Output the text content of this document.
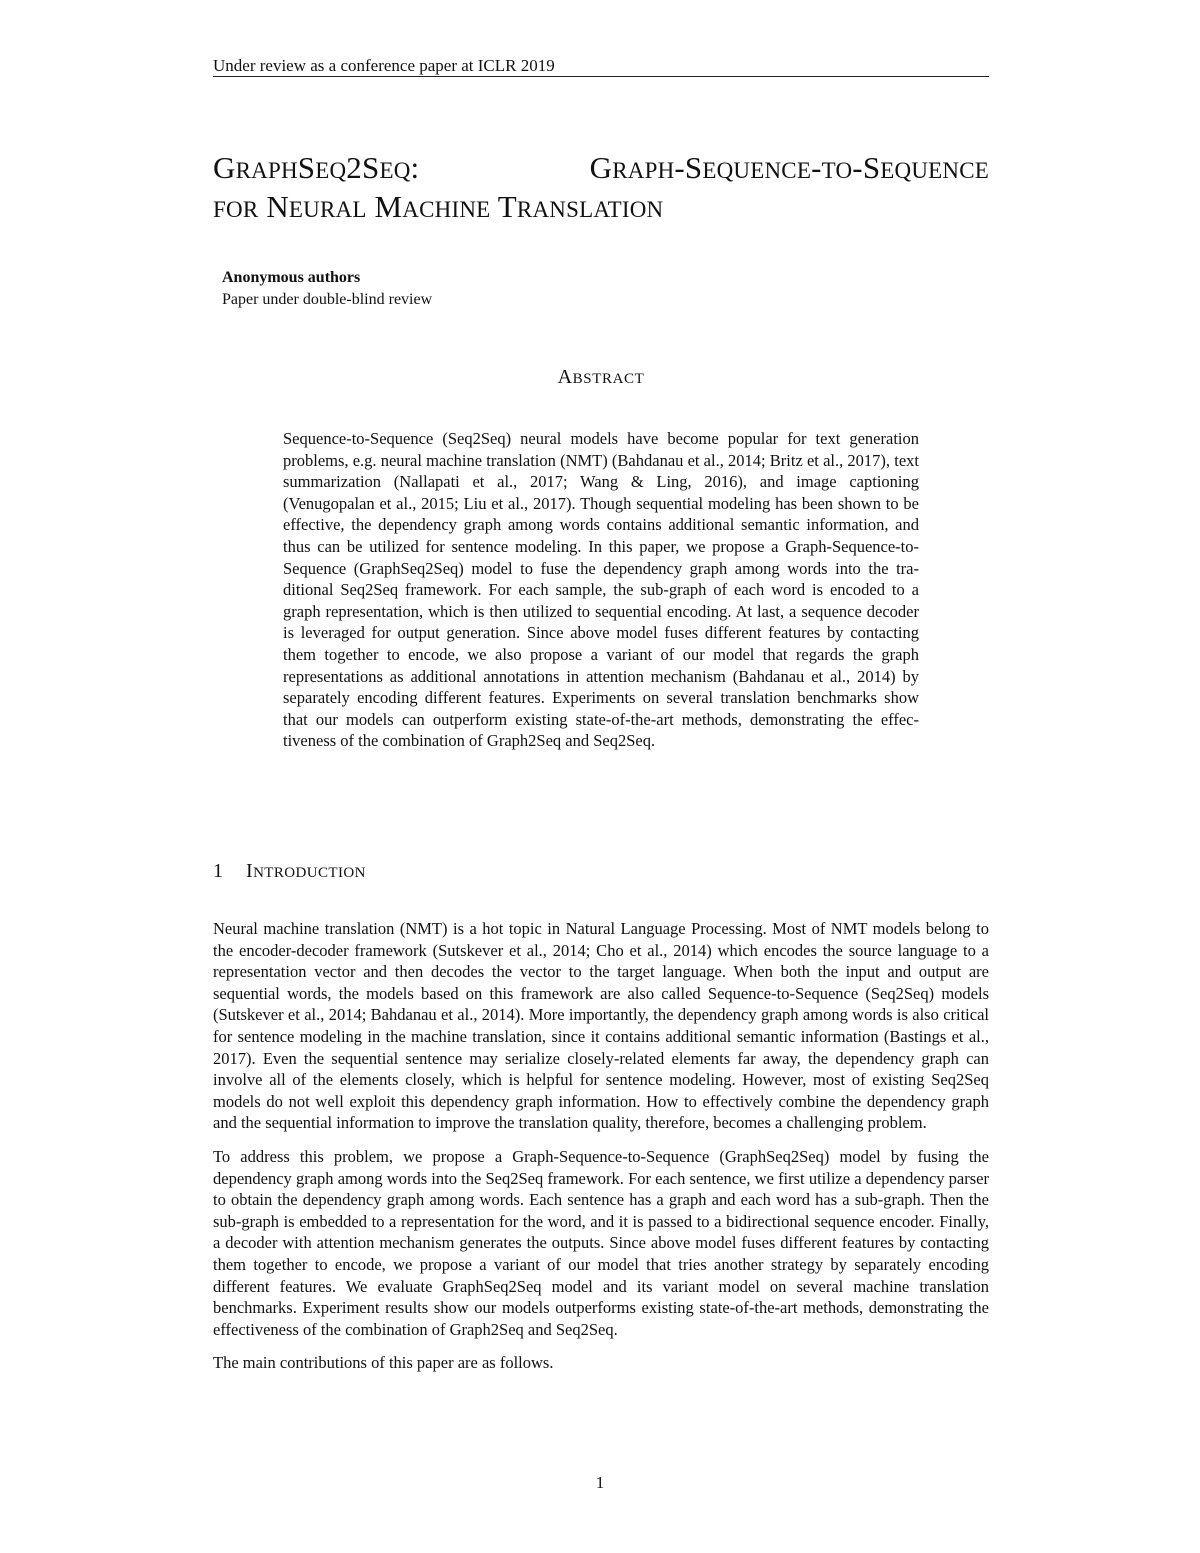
Under review as a conference paper at ICLR 2019
GRAPHSEQ2SEQ:	GRAPH-SEQUENCE-TO-SEQUENCE
FOR NEURAL MACHINE TRANSLATION
Anonymous authors
Paper under double-blind review
ABSTRACT

Sequence-to-Sequence (Seq2Seq) neural models have become popular for text generation problems, e.g. neural machine translation (NMT) (Bahdanau et al., 2014; Britz et al., 2017), text summarization (Nallapati et al., 2017; Wang & Ling, 2016), and image captioning (Venugopalan et al., 2015; Liu et al., 2017). Though sequential modeling has been shown to be effective, the dependency graph among words contains additional semantic information, and thus can be utilized for sentence modeling. In this paper, we propose a Graph-Sequence-to-Sequence (GraphSeq2Seq) model to fuse the dependency graph among words into the traditional Seq2Seq framework. For each sample, the sub-graph of each word is encoded to a graph representation, which is then utilized to sequential encoding. At last, a sequence decoder is leveraged for output generation. Since above model fuses different features by contacting them together to encode, we also propose a variant of our model that regards the graph representations as additional annotations in attention mechanism (Bahdanau et al., 2014) by separately encoding different features. Experiments on several translation benchmarks show that our models can outperform existing state-of-the-art methods, demonstrating the effectiveness of the combination of Graph2Seq and Seq2Seq.

1 INTRODUCTION

Neural machine translation (NMT) is a hot topic in Natural Language Processing. Most of NMT models belong to the encoder-decoder framework (Sutskever et al., 2014; Cho et al., 2014) which encodes the source language to a representation vector and then decodes the vector to the target language. When both the input and output are sequential words, the models based on this framework are also called Sequence-to-Sequence (Seq2Seq) models (Sutskever et al., 2014; Bahdanau et al., 2014). More importantly, the dependency graph among words is also critical for sentence modeling in the machine translation, since it contains additional semantic information (Bastings et al., 2017). Even the sequential sentence may serialize closely-related elements far away, the dependency graph can involve all of the elements closely, which is helpful for sentence modeling. However, most of existing Seq2Seq models do not well exploit this dependency graph information. How to effectively combine the dependency graph and the sequential information to improve the translation quality, therefore, becomes a challenging problem.

To address this problem, we propose a Graph-Sequence-to-Sequence (GraphSeq2Seq) model by fusing the dependency graph among words into the Seq2Seq framework. For each sentence, we first utilize a dependency parser to obtain the dependency graph among words. Each sentence has a graph and each word has a sub-graph. Then the sub-graph is embedded to a representation for the word, and it is passed to a bidirectional sequence encoder. Finally, a decoder with attention mechanism generates the outputs. Since above model fuses different features by contacting them together to encode, we propose a variant of our model that tries another strategy by separately encoding different features. We evaluate GraphSeq2Seq model and its variant model on several machine translation benchmarks. Experiment results show our models outperforms existing state-of-the-art methods, demonstrating the effectiveness of the combination of Graph2Seq and Seq2Seq.

The main contributions of this paper are as follows.

1
